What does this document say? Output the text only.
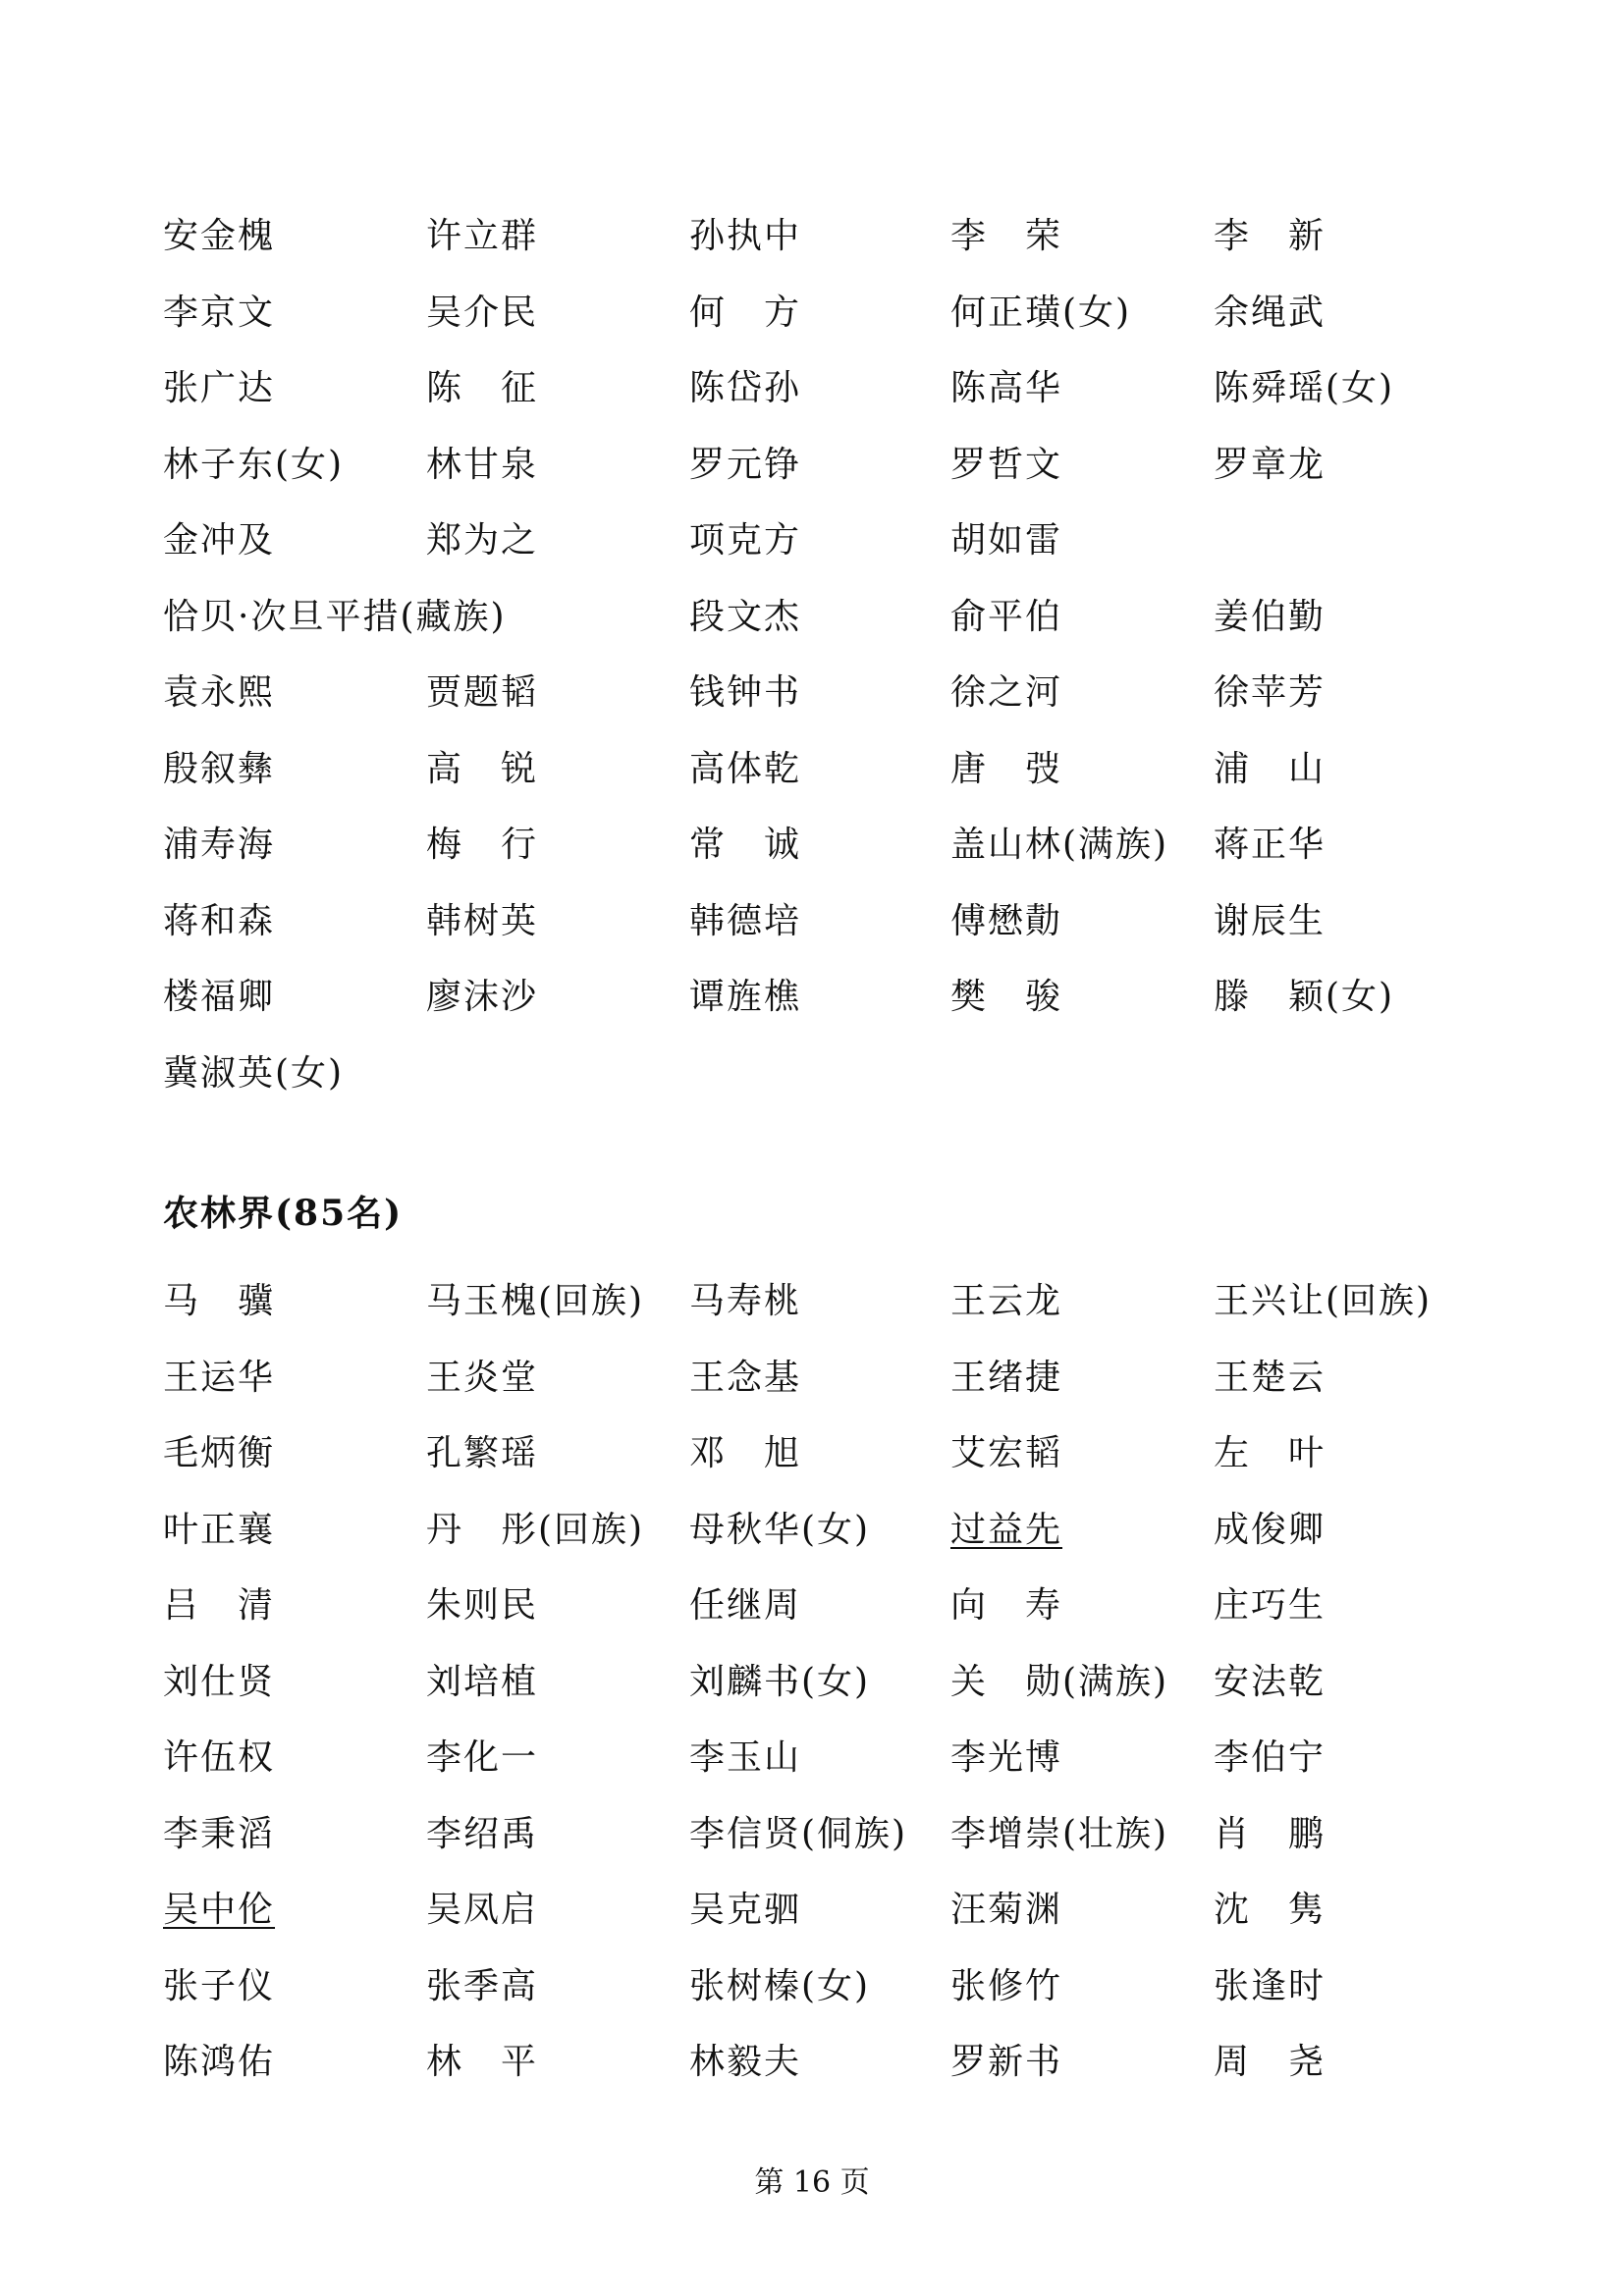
安金槐	许立群	孙执中	李　荣	李　新
李京文	吴介民	何　方	何正璜(女) 余绳武
张广达	陈　征	陈岱孙	陈高华	陈舜瑶(女)
林子东(女) 林甘泉	罗元铮	罗哲文	罗章龙
金冲及	郑为之	项克方	胡如雷
恰贝·次旦平措(藏族)	段文杰	俞平伯	姜伯勤
袁永熙	贾题韬	钱钟书	徐之河	徐苹芳
殷叙彝	高　锐	高体乾	唐　弢	浦　山
浦寿海	梅　行	常　诚	盖山林(满族) 蒋正华
蒋和森	韩树英	韩德培	傅懋勣	谢辰生
楼福卿	廖沫沙	谭旌樵	樊　骏	滕　颖(女)
冀淑英(女)
农林界(85名)
马　骥	马玉槐(回族) 马寿桃	王云龙	王兴让(回族)
王运华	王炎堂	王念基	王绪捷	王楚云
毛炳衡	孔繁瑶	邓　旭	艾宏韬	左　叶
叶正襄	丹　彤(回族) 母秋华(女) 过益先	成俊卿
吕　清	朱则民	任继周	向　寿	庄巧生
刘仕贤	刘培植	刘麟书(女) 关　勋(满族) 安法乾
许伍权	李化一	李玉山	李光博	李伯宁
李秉滔	李绍禹	李信贤(侗族) 李增崇(壮族) 肖　鹏
吴中伦	吴凤启	吴克驷	汪菊渊	沈　隽
张子仪	张季高	张树榛(女) 张修竹	张逢时
陈鸿佑	林　平	林毅夫	罗新书	周　尧
第 16 页
